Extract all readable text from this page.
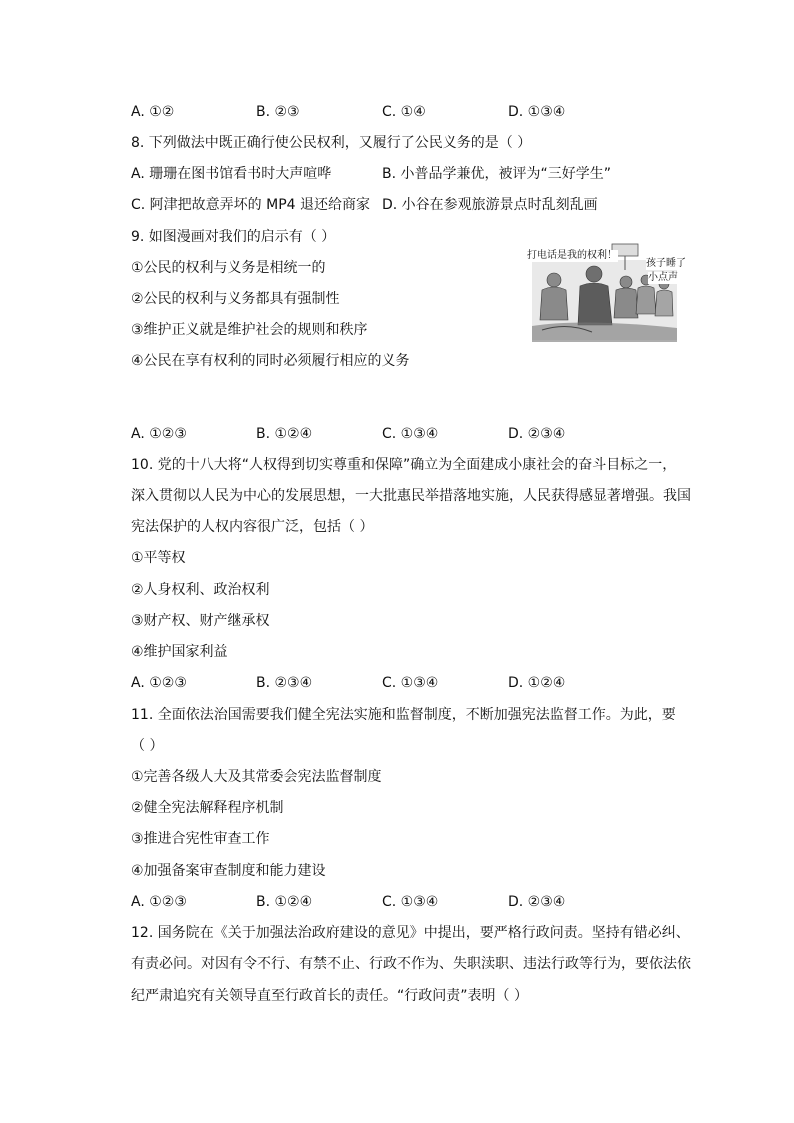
A. ①②	B. ②③	C. ①④	D. ①③④
8. 下列做法中既正确行使公民权利，又履行了公民义务的是（ ）
A. 珊珊在图书馆看书时大声喧哗	B. 小普品学兼优，被评为“三好学生”
C. 阿津把故意弄坏的 MP4 退还给商家 D. 小谷在参观旅游景点时乱刻乱画
9. 如图漫画对我们的启示有（ ）
①公民的权利与义务是相统一的
②公民的权利与义务都具有强制性
③维护正义就是维护社会的规则和秩序
④公民在享有权利的同时必须履行相应的义务
打电话是我的权利！
孩子睡了
小点声
A. ①②③	B. ①②④	C. ①③④	D. ②③④
10. 党的十八大将“人权得到切实尊重和保障”确立为全面建成小康社会的奋斗目标之一，
深入贯彻以人民为中心的发展思想，一大批惠民举措落地实施，人民获得感显著增强。我国
宪法保护的人权内容很广泛，包括（ ）
①平等权
②人身权利、政治权利
③财产权、财产继承权
④维护国家利益
A. ①②③	B. ②③④	C. ①③④	D. ①②④
11. 全面依法治国需要我们健全宪法实施和监督制度，不断加强宪法监督工作。为此，要
（ ）
①完善各级人大及其常委会宪法监督制度
②健全宪法解释程序机制
③推进合宪性审查工作
④加强备案审查制度和能力建设
A. ①②③	B. ①②④	C. ①③④	D. ②③④
12. 国务院在《关于加强法治政府建设的意见》中提出，要严格行政问责。坚持有错必纠、
有责必问。对因有令不行、有禁不止、行政不作为、失职渎职、违法行政等行为，要依法依
纪严肃追究有关领导直至行政首长的责任。“行政问责”表明（ ）
